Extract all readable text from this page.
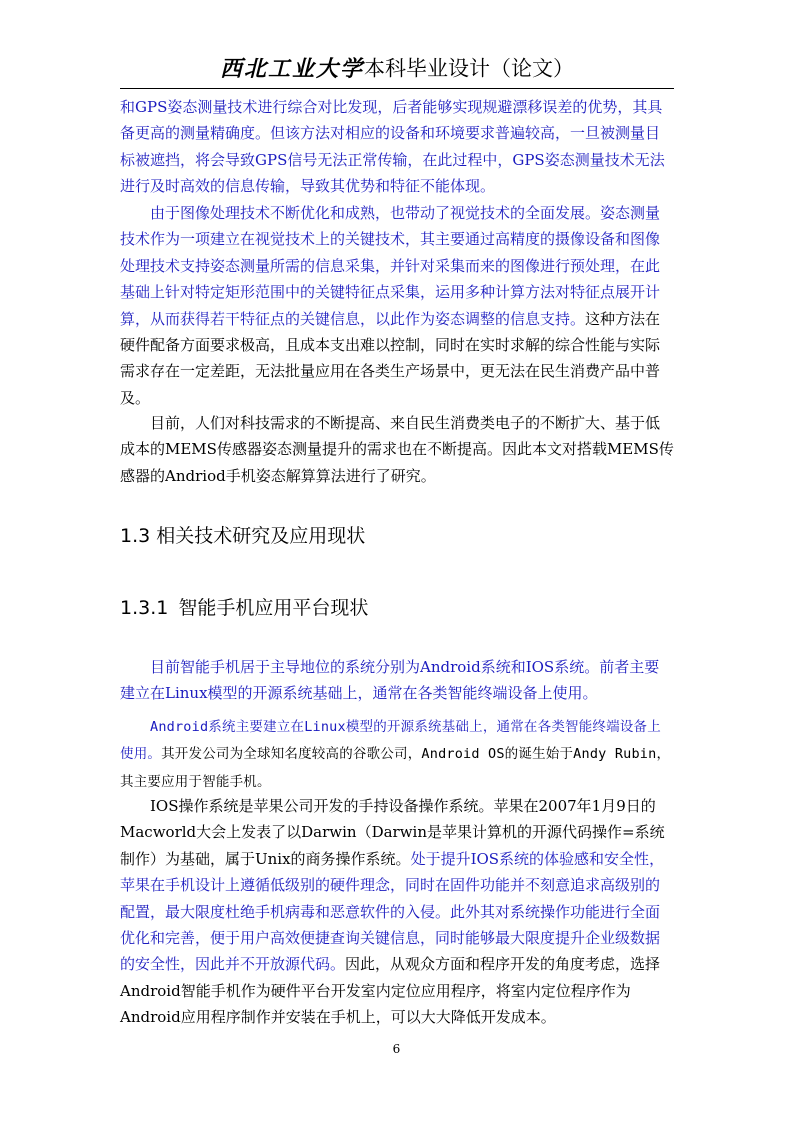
西北工业大学本科毕业设计（论文）

和GPS姿态测量技术进行综合对比发现，后者能够实现规避漂移误差的优势，其具备更高的测量精确度。但该方法对相应的设备和环境要求普遍较高，一旦被测量目标被遮挡，将会导致GPS信号无法正常传输，在此过程中，GPS姿态测量技术无法进行及时高效的信息传输，导致其优势和特征不能体现。

由于图像处理技术不断优化和成熟，也带动了视觉技术的全面发展。姿态测量技术作为一项建立在视觉技术上的关键技术，其主要通过高精度的摄像设备和图像处理技术支持姿态测量所需的信息采集，并针对采集而来的图像进行预处理，在此基础上针对特定矩形范围中的关键特征点采集，运用多种计算方法对特征点展开计算，从而获得若干特征点的关键信息，以此作为姿态调整的信息支持。这种方法在硬件配备方面要求极高，且成本支出难以控制，同时在实时求解的综合性能与实际需求存在一定差距，无法批量应用在各类生产场景中，更无法在民生消费产品中普及。

目前，人们对科技需求的不断提高、来自民生消费类电子的不断扩大、基于低成本的MEMS传感器姿态测量提升的需求也在不断提高。因此本文对搭载MEMS传感器的Andriod手机姿态解算算法进行了研究。

1.3 相关技术研究及应用现状
1.3.1 智能手机应用平台现状

目前智能手机居于主导地位的系统分别为Android系统和IOS系统。前者主要建立在Linux模型的开源系统基础上，通常在各类智能终端设备上使用。

Android系统主要建立在Linux模型的开源系统基础上，通常在各类智能终端设备上使用。其开发公司为全球知名度较高的谷歌公司，Android OS的诞生始于Andy Rubin，其主要应用于智能手机。

IOS操作系统是苹果公司开发的手持设备操作系统。苹果在2007年1月9日的Macworld大会上发表了以Darwin（Darwin是苹果计算机的开源代码操作=系统制作）为基础，属于Unix的商务操作系统。处于提升IOS系统的体验感和安全性，苹果在手机设计上遵循低级别的硬件理念，同时在固件功能并不刻意追求高级别的配置，最大限度杜绝手机病毒和恶意软件的入侵。此外其对系统操作功能进行全面优化和完善，便于用户高效便捷查询关键信息，同时能够最大限度提升企业级数据的安全性，因此并不开放源代码。因此，从观众方面和程序开发的角度考虑，选择Android智能手机作为硬件平台开发室内定位应用程序，将室内定位程序作为Android应用程序制作并安装在手机上，可以大大降低开发成本。

6
